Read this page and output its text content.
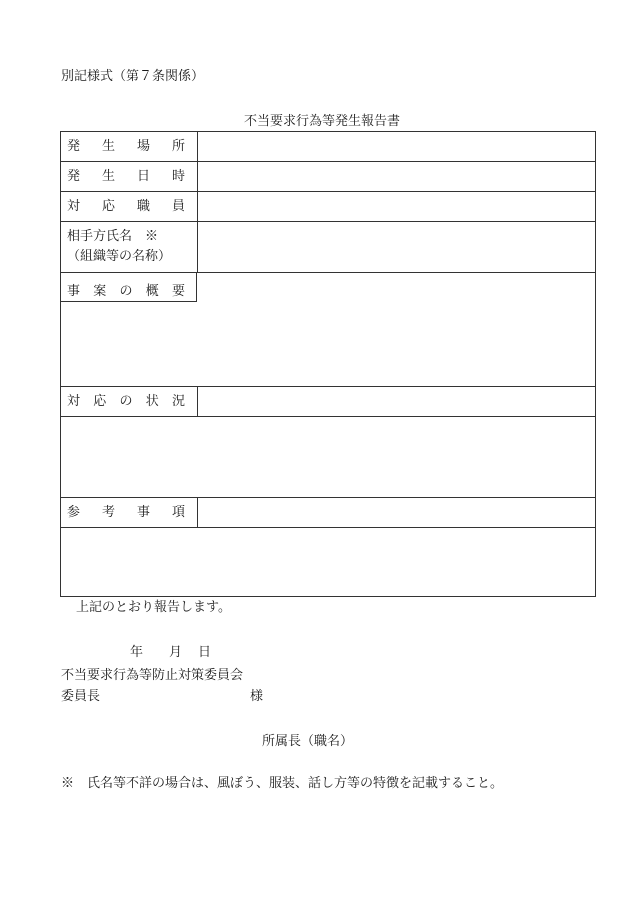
別記様式（第７条関係）
不当要求行為等発生報告書
発 生 場 所
発 生 日 時
対 応 職 員
相手方氏名　※
（組織等の名称）
事 案 の 概 要
対 応 の 状 況
参 考 事 項
上記のとおり報告します。
年 月 日
不当要求行為等防止対策委員会
委員長	様
所属長（職名）
※　氏名等不詳の場合は、風ぼう、服装、話し方等の特徴を記載すること。
